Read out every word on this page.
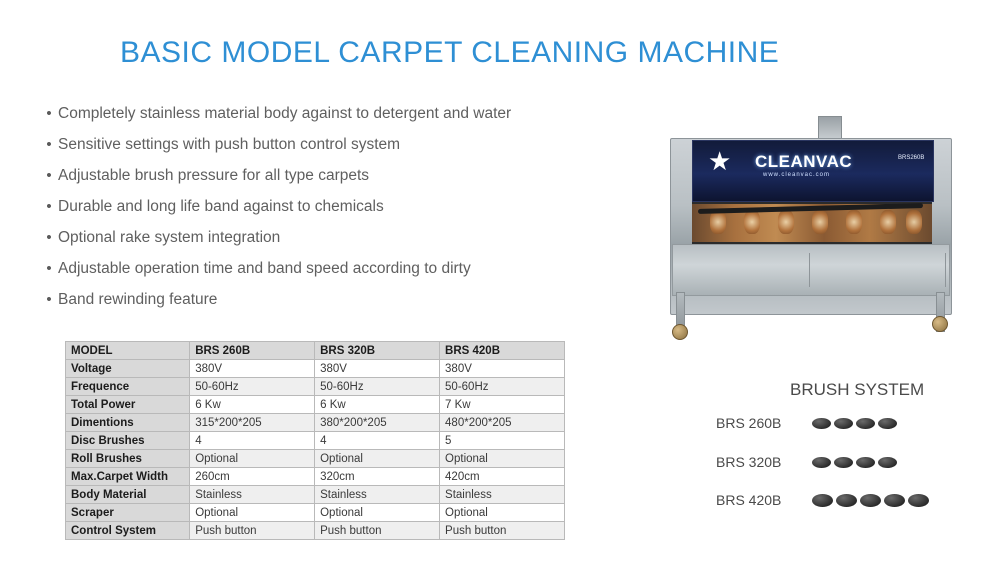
BASIC MODEL CARPET CLEANING MACHINE
• Completely stainless material body against to detergent and water
• Sensitive settings with push button control system
• Adjustable brush pressure for all type carpets
• Durable and long life band against to chemicals
• Optional rake system integration
• Adjustable operation time and band speed according to dirty
• Band rewinding feature
MODEL	BRS 260B	BRS 320B	BRS 420B
Voltage	380V	380V	380V
Frequence	50-60Hz	50-60Hz	50-60Hz
Total Power	6 Kw	6 Kw	7 Kw
Dimentions	315*200*205	380*200*205	480*200*205
Disc Brushes	4	4	5
Roll Brushes	Optional	Optional	Optional
Max.Carpet Width	260cm	320cm	420cm
Body Material	Stainless	Stainless	Stainless
Scraper	Optional	Optional	Optional
Control System	Push button	Push button	Push button
★ CLEANVAC
www.cleanvac.com
BRS260B
BRUSH SYSTEM
BRS 260B
BRS 320B
BRS 420B
